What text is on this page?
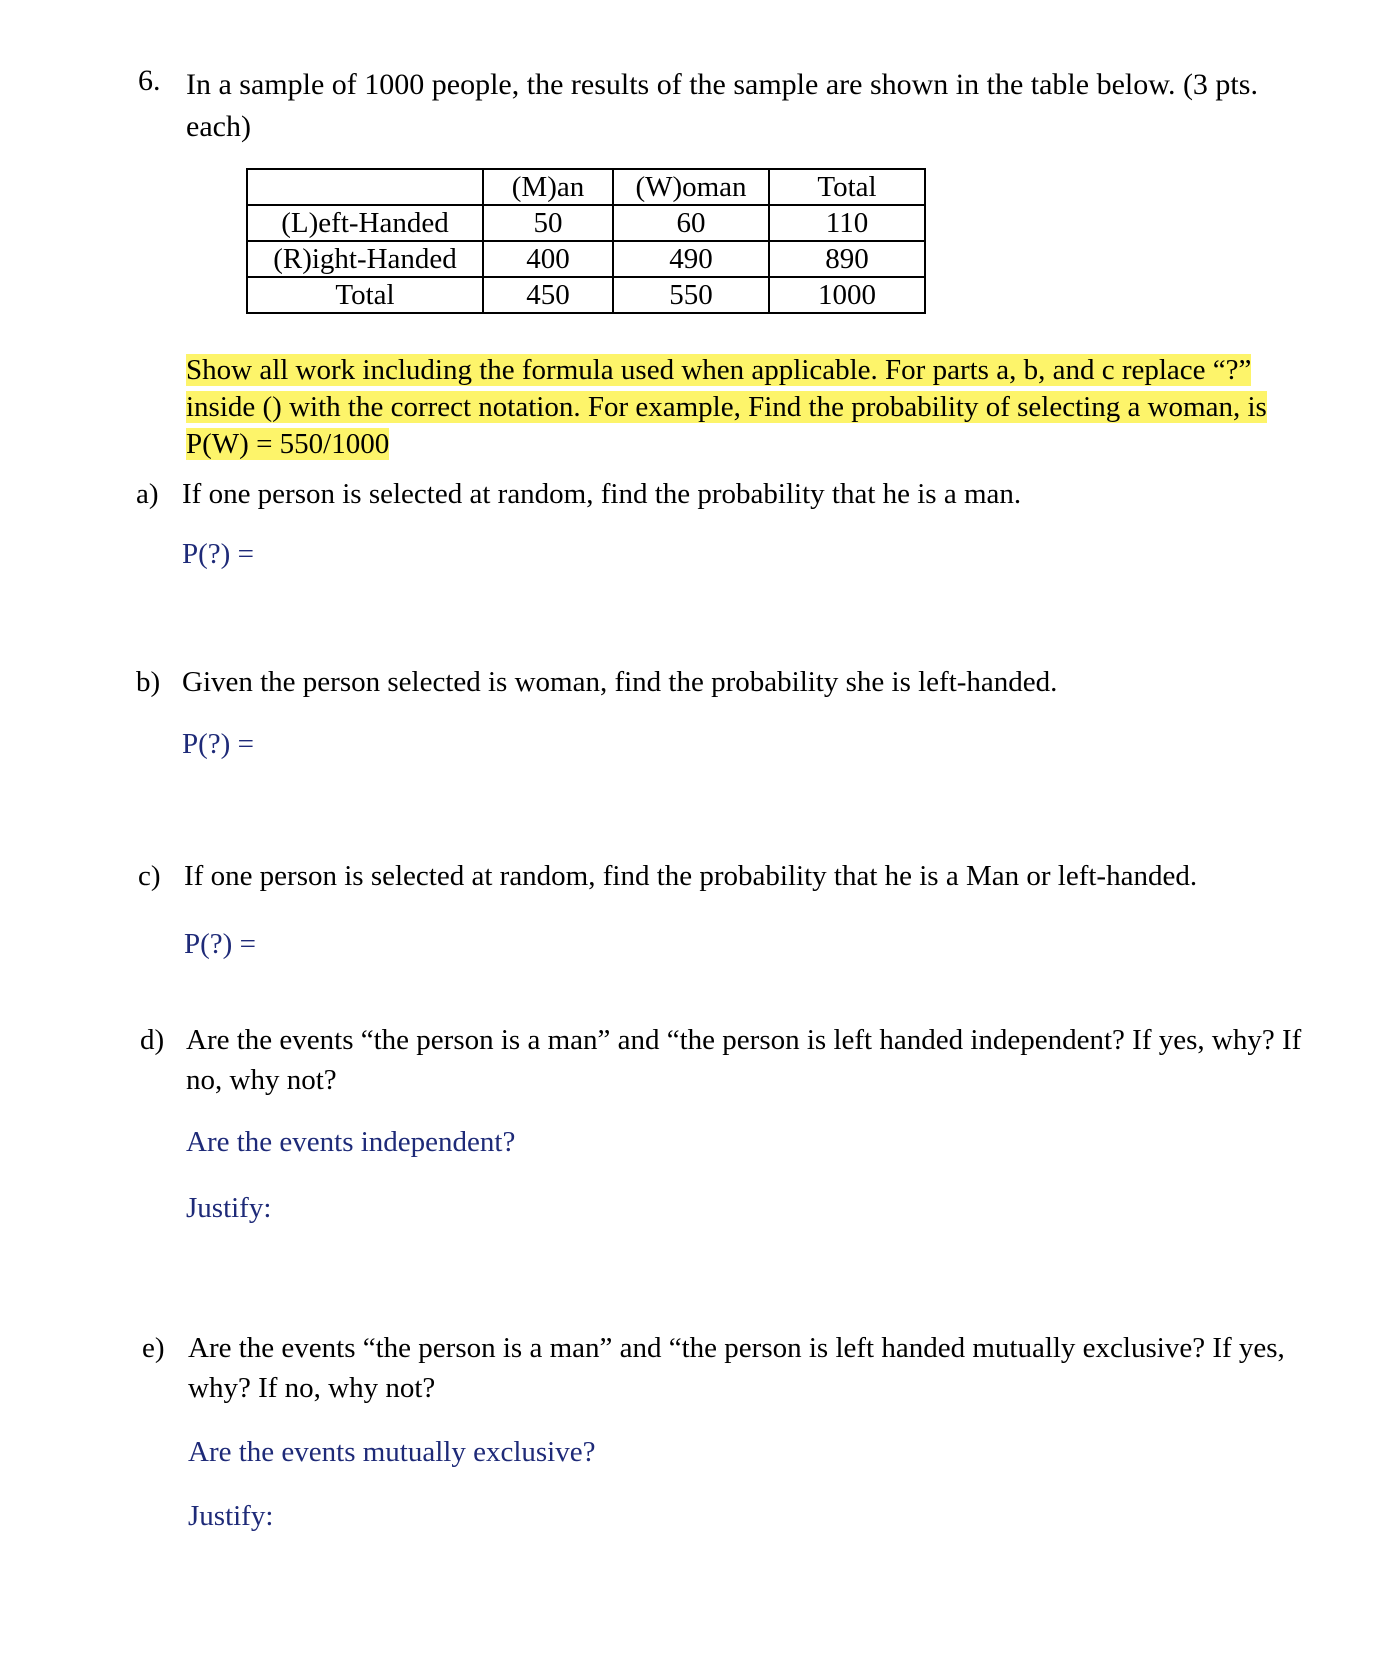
6. In a sample of 1000 people, the results of the sample are shown in the table below. (3 pts. each)
	(M)an	(W)oman	Total
(L)eft-Handed	50	60	110
(R)ight-Handed	400	490	890
Total	450	550	1000
Show all work including the formula used when applicable. For parts a, b, and c replace “?” inside () with the correct notation. For example, Find the probability of selecting a woman, is P(W) = 550/1000
a) If one person is selected at random, find the probability that he is a man.
P(?) =
b) Given the person selected is woman, find the probability she is left-handed.
P(?) =
c) If one person is selected at random, find the probability that he is a Man or left-handed.
P(?) =
d) Are the events “the person is a man” and “the person is left handed independent? If yes, why? If no, why not?
Are the events independent?
Justify:
e) Are the events “the person is a man” and “the person is left handed mutually exclusive? If yes, why? If no, why not?
Are the events mutually exclusive?
Justify:
